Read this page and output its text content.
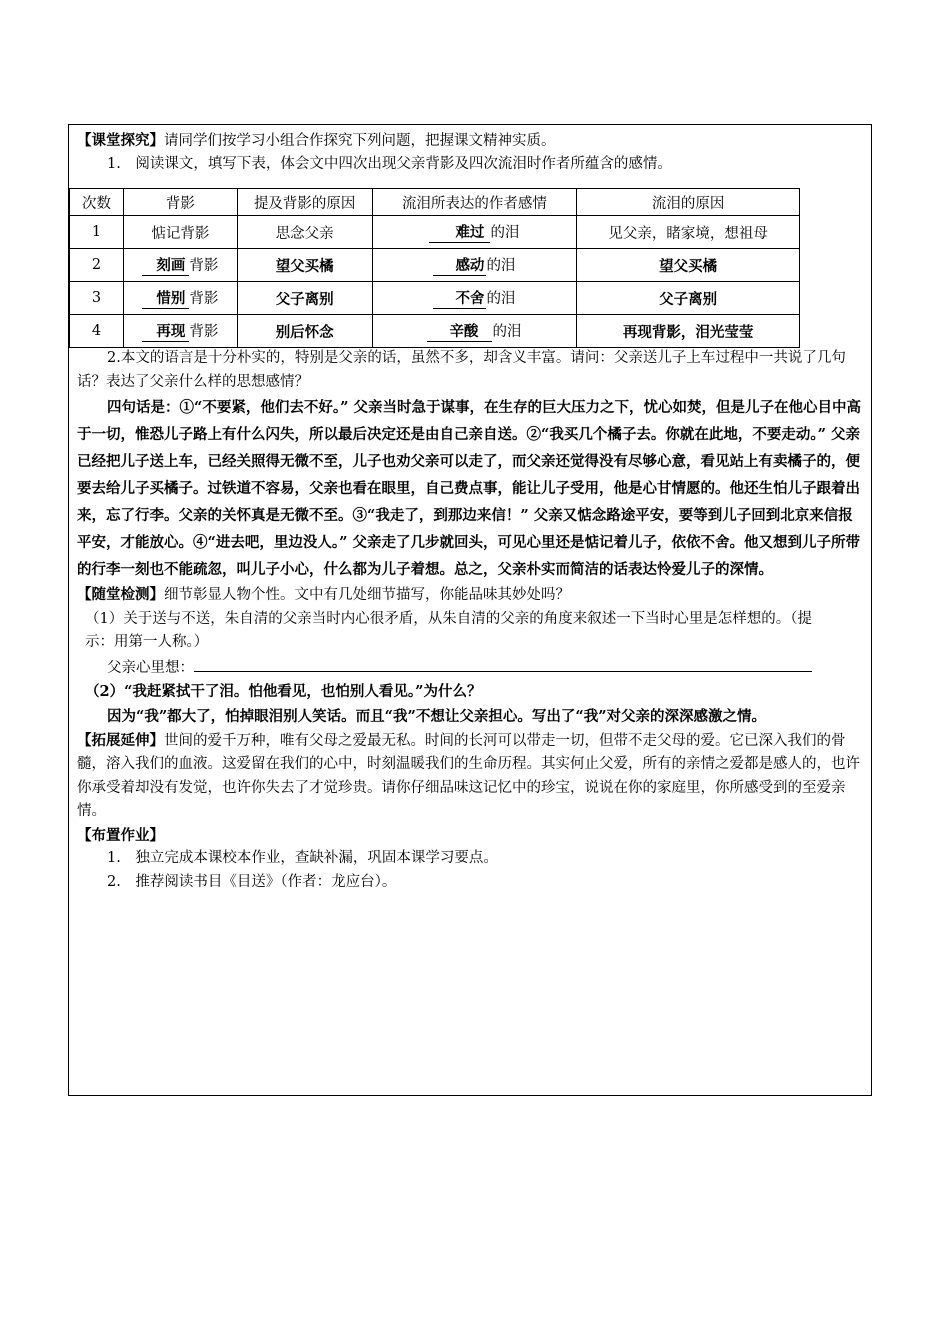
【课堂探究】请同学们按学习小组合作探究下列问题，把握课文精神实质。

1.　阅读课文，填写下表，体会文中四次出现父亲背影及四次流泪时作者所蕴含的感情。

次数	背影	提及背影的原因	流泪所表达的作者感情	流泪的原因
1	惦记背影	思念父亲	难过 的泪	见父亲，睹家境，想祖母
2	刻画 背影	望父买橘	感动 的泪	望父买橘
3	惜别 背影	父子离别	不舍 的泪	父子离别
4	再现 背影	别后怀念	辛酸 的泪	再现背影，泪光莹莹

2.本文的语言是十分朴实的，特别是父亲的话，虽然不多，却含义丰富。请问：父亲送儿子上车过程中一共说了几句话？表达了父亲什么样的思想感情？

四句话是：①“不要紧，他们去不好。” 父亲当时急于谋事，在生存的巨大压力之下，忧心如焚，但是儿子在他心目中高于一切，惟恐儿子路上有什么闪失，所以最后决定还是由自己亲自送。②“我买几个橘子去。你就在此地，不要走动。” 父亲已经把儿子送上车，已经关照得无微不至，儿子也劝父亲可以走了，而父亲还觉得没有尽够心意，看见站上有卖橘子的，便要去给儿子买橘子。过铁道不容易，父亲也看在眼里，自己费点事，能让儿子受用，他是心甘情愿的。他还生怕儿子跟着出来，忘了行李。父亲的关怀真是无微不至。③“我走了，到那边来信！” 父亲又惦念路途平安，要等到儿子回到北京来信报平安，才能放心。④“进去吧，里边没人。” 父亲走了几步就回头，可见心里还是惦记着儿子，依依不舍。他又想到儿子所带的行李一刻也不能疏忽，叫儿子小心，什么都为儿子着想。总之，父亲朴实而简洁的话表达怜爱儿子的深情。

【随堂检测】细节彰显人物个性。文中有几处细节描写，你能品味其妙处吗？

（1）关于送与不送，朱自清的父亲当时内心很矛盾，从朱自清的父亲的角度来叙述一下当时心里是怎样想的。（提示：用第一人称。）

父亲心里想：

（2）“我赶紧拭干了泪。怕他看见，也怕别人看见。”为什么？

因为“我”都大了，怕掉眼泪别人笑话。而且“我”不想让父亲担心。写出了“我”对父亲的深深感激之情。

【拓展延伸】世间的爱千万种，唯有父母之爱最无私。时间的长河可以带走一切，但带不走父母的爱。它已深入我们的骨髓，溶入我们的血液。这爱留在我们的心中，时刻温暖我们的生命历程。其实何止父爱，所有的亲情之爱都是感人的，也许你承受着却没有发觉，也许你失去了才觉珍贵。请你仔细品味这记忆中的珍宝，说说在你的家庭里，你所感受到的至爱亲情。

【布置作业】

1.　独立完成本课校本作业，查缺补漏，巩固本课学习要点。

2.　推荐阅读书目《目送》（作者：龙应台）。
